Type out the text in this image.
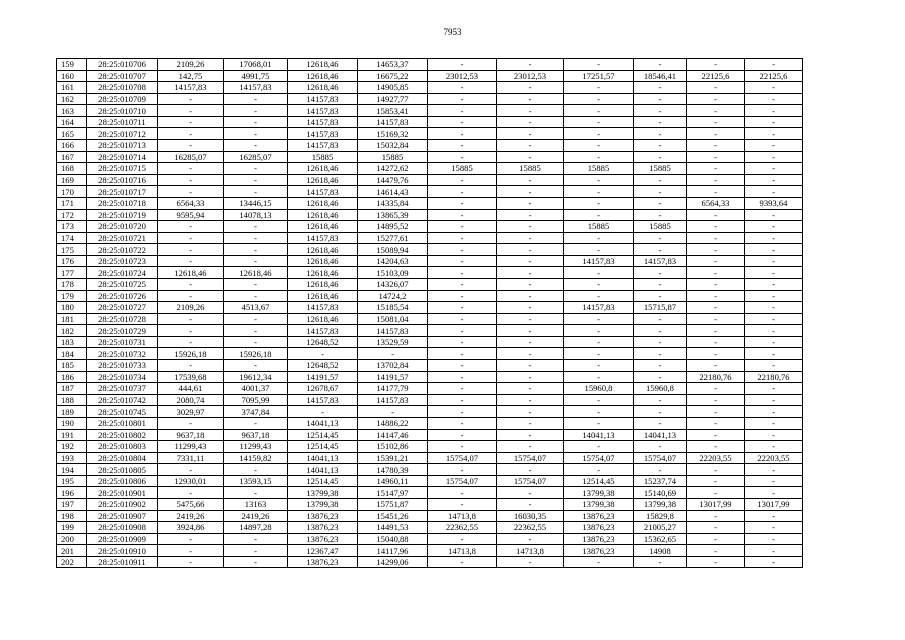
7953
159	28:25:010706	2109,26	17068,01	12618,46	14653,37	-	-	-	-	-	-
160	28:25:010707	142,75	4991,75	12618,46	16675,22	23012,53	23012,53	17251,57	18546,41	22125,6	22125,6
161	28:25:010708	14157,83	14157,83	12618,46	14905,85	-	-	-	-	-	-
162	28:25:010709	-	-	14157,83	14927,77	-	-	-	-	-	-
163	28:25:010710	-	-	14157,83	15853,41	-	-	-	-	-	-
164	28:25:010711	-	-	14157,83	14157,83	-	-	-	-	-	-
165	28:25:010712	-	-	14157,83	15169,32	-	-	-	-	-	-
166	28:25:010713	-	-	14157,83	15032,84	-	-	-	-	-	-
167	28:25:010714	16285,07	16285,07	15885	15885	-	-	-	-	-	-
168	28:25:010715	-	-	12618,46	14272,62	15885	15885	15885	15885	-	-
169	28:25:010716	-	-	12618,46	14479,76	-	-	-	-	-	-
170	28:25:010717	-	-	14157,83	14614,43	-	-	-	-	-	-
171	28:25:010718	6564,33	13446,15	12618,46	14335,84	-	-	-	-	6564,33	9393,64
172	28:25:010719	9595,94	14078,13	12618,46	13865,39	-	-	-	-	-	-
173	28:25:010720	-	-	12618,46	14895,52	-	-	15885	15885	-	-
174	28:25:010721	-	-	14157,83	15277,61	-	-	-	-	-	-
175	28:25:010722	-	-	12618,46	15089,94	-	-	-	-	-	-
176	28:25:010723	-	-	12618,46	14204,63	-	-	14157,83	14157,83	-	-
177	28:25:010724	12618,46	12618,46	12618,46	15103,09	-	-	-	-	-	-
178	28:25:010725	-	-	12618,46	14326,07	-	-	-	-	-	-
179	28:25:010726	-	-	12618,46	14724,2	-	-	-	-	-	-
180	28:25:010727	2109,26	4513,67	14157,83	15185,54	-	-	14157,83	15715,87	-	-
181	28:25:010728	-	-	12618,46	15081,04	-	-	-	-	-	-
182	28:25:010729	-	-	14157,83	14157,83	-	-	-	-	-	-
183	28:25:010731	-	-	12648,52	13529,59	-	-	-	-	-	-
184	28:25:010732	15926,18	15926,18	-	-	-	-	-	-	-	-
185	28:25:010733	-	-	12648,52	13702,84	-	-	-	-	-	-
186	28:25:010734	17539,68	19612,34	14191,57	14191,57	-	-	-	-	22180,76	22180,76
187	28:25:010737	444,61	4001,37	12678,67	14177,79	-	-	15960,8	15960,8	-	-
188	28:25:010742	2080,74	7095,99	14157,83	14157,83	-	-	-	-	-	-
189	28:25:010745	3029,97	3747,84	-	-	-	-	-	-	-	-
190	28:25:010801	-	-	14041,13	14886,22	-	-	-	-	-	-
191	28:25:010802	9637,18	9637,18	12514,45	14147,46	-	-	14041,13	14041,13	-	-
192	28:25:010803	11299,43	11299,43	12514,45	15102,86	-	-	-	-	-	-
193	28:25:010804	7331,11	14159,82	14041,13	15391,21	15754,07	15754,07	15754,07	15754,07	22203,55	22203,55
194	28:25:010805	-	-	14041,13	14780,39	-	-	-	-	-	-
195	28:25:010806	12930,01	13593,15	12514,45	14960,11	15754,07	15754,07	12514,45	15237,74	-	-
196	28:25:010901	-	-	13799,38	15147,97	-	-	13799,38	15140,69	-	-
197	28:25:010902	5475,66	13163	13799,38	15751,87	-	-	13799,38	13799,38	13017,99	13017,99
198	28:25:010907	2419,26	2419,26	13876,23	15451,26	14713,8	16030,35	13876,23	15829,8	-	-
199	28:25:010908	3924,86	14897,28	13876,23	14491,53	22362,55	22362,55	13876,23	21005,27	-	-
200	28:25:010909	-	-	13876,23	15040,88	-	-	13876,23	15362,65	-	-
201	28:25:010910	-	-	12367,47	14117,96	14713,8	14713,8	13876,23	14908	-	-
202	28:25:010911	-	-	13876,23	14299,06	-	-	-	-	-	-
